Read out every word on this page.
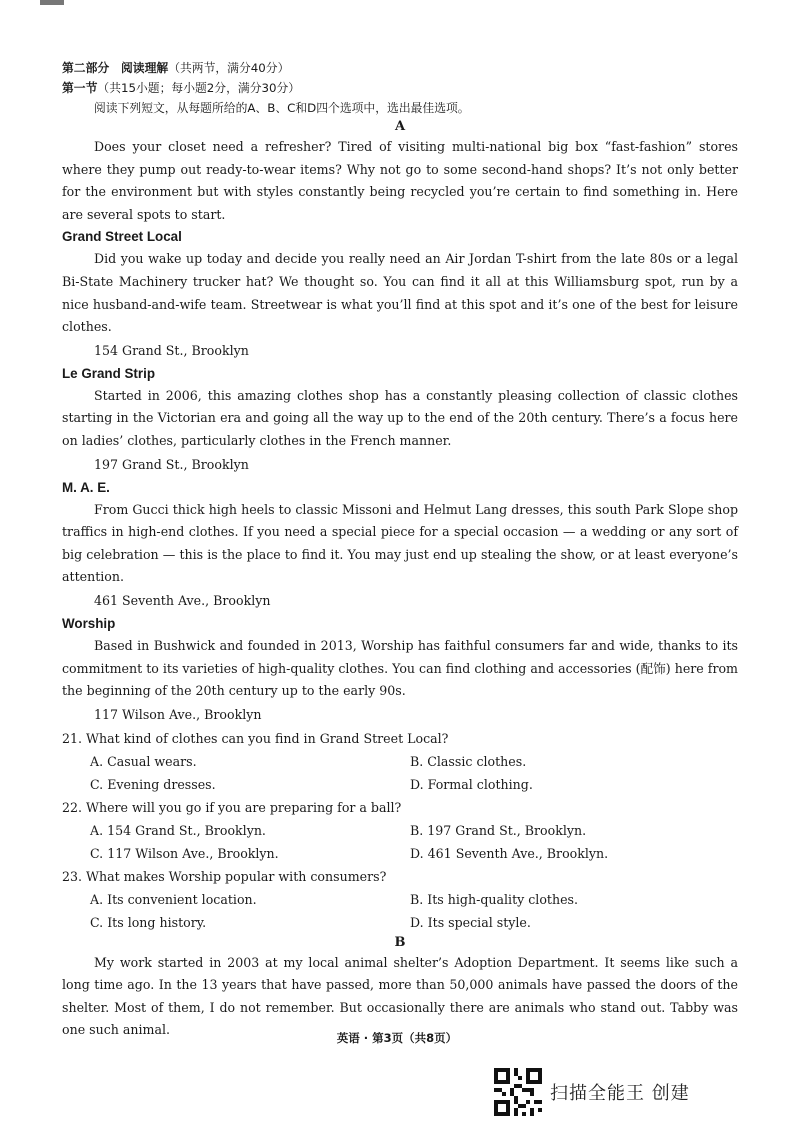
第二部分　阅读理解（共两节，满分40分）

第一节（共15小题；每小题2分，满分30分）

阅读下列短文，从每题所给的A、B、C和D四个选项中，选出最佳选项。

A

Does your closet need a refresher? Tired of visiting multi-national big box “fast-fashion” stores where they pump out ready-to-wear items? Why not go to some second-hand shops? It’s not only better for the environment but with styles constantly being recycled you’re certain to find something in. Here are several spots to start.

Grand Street Local

Did you wake up today and decide you really need an Air Jordan T-shirt from the late 80s or a legal Bi-State Machinery trucker hat? We thought so. You can find it all at this Williamsburg spot, run by a nice husband-and-wife team. Streetwear is what you’ll find at this spot and it’s one of the best for leisure clothes.

154 Grand St., Brooklyn

Le Grand Strip

Started in 2006, this amazing clothes shop has a constantly pleasing collection of classic clothes starting in the Victorian era and going all the way up to the end of the 20th century. There’s a focus here on ladies’ clothes, particularly clothes in the French manner.

197 Grand St., Brooklyn

M. A. E.

From Gucci thick high heels to classic Missoni and Helmut Lang dresses, this south Park Slope shop traffics in high-end clothes. If you need a special piece for a special occasion — a wedding or any sort of big celebration — this is the place to find it. You may just end up stealing the show, or at least everyone’s attention.

461 Seventh Ave., Brooklyn

Worship

Based in Bushwick and founded in 2013, Worship has faithful consumers far and wide, thanks to its commitment to its varieties of high-quality clothes. You can find clothing and accessories (配饰) here from the beginning of the 20th century up to the early 90s.

117 Wilson Ave., Brooklyn

21. What kind of clothes can you find in Grand Street Local?

A. Casual wears.	B. Classic clothes.
C. Evening dresses.	D. Formal clothing.

22. Where will you go if you are preparing for a ball?

A. 154 Grand St., Brooklyn.	B. 197 Grand St., Brooklyn.
C. 117 Wilson Ave., Brooklyn.	D. 461 Seventh Ave., Brooklyn.

23. What makes Worship popular with consumers?

A. Its convenient location.	B. Its high-quality clothes.
C. Its long history.	D. Its special style.

B

My work started in 2003 at my local animal shelter’s Adoption Department. It seems like such a long time ago. In the 13 years that have passed, more than 50,000 animals have passed the doors of the shelter. Most of them, I do not remember. But occasionally there are animals who stand out. Tabby was one such animal.

英语 · 第3页（共8页）
扫描全能王 创建
